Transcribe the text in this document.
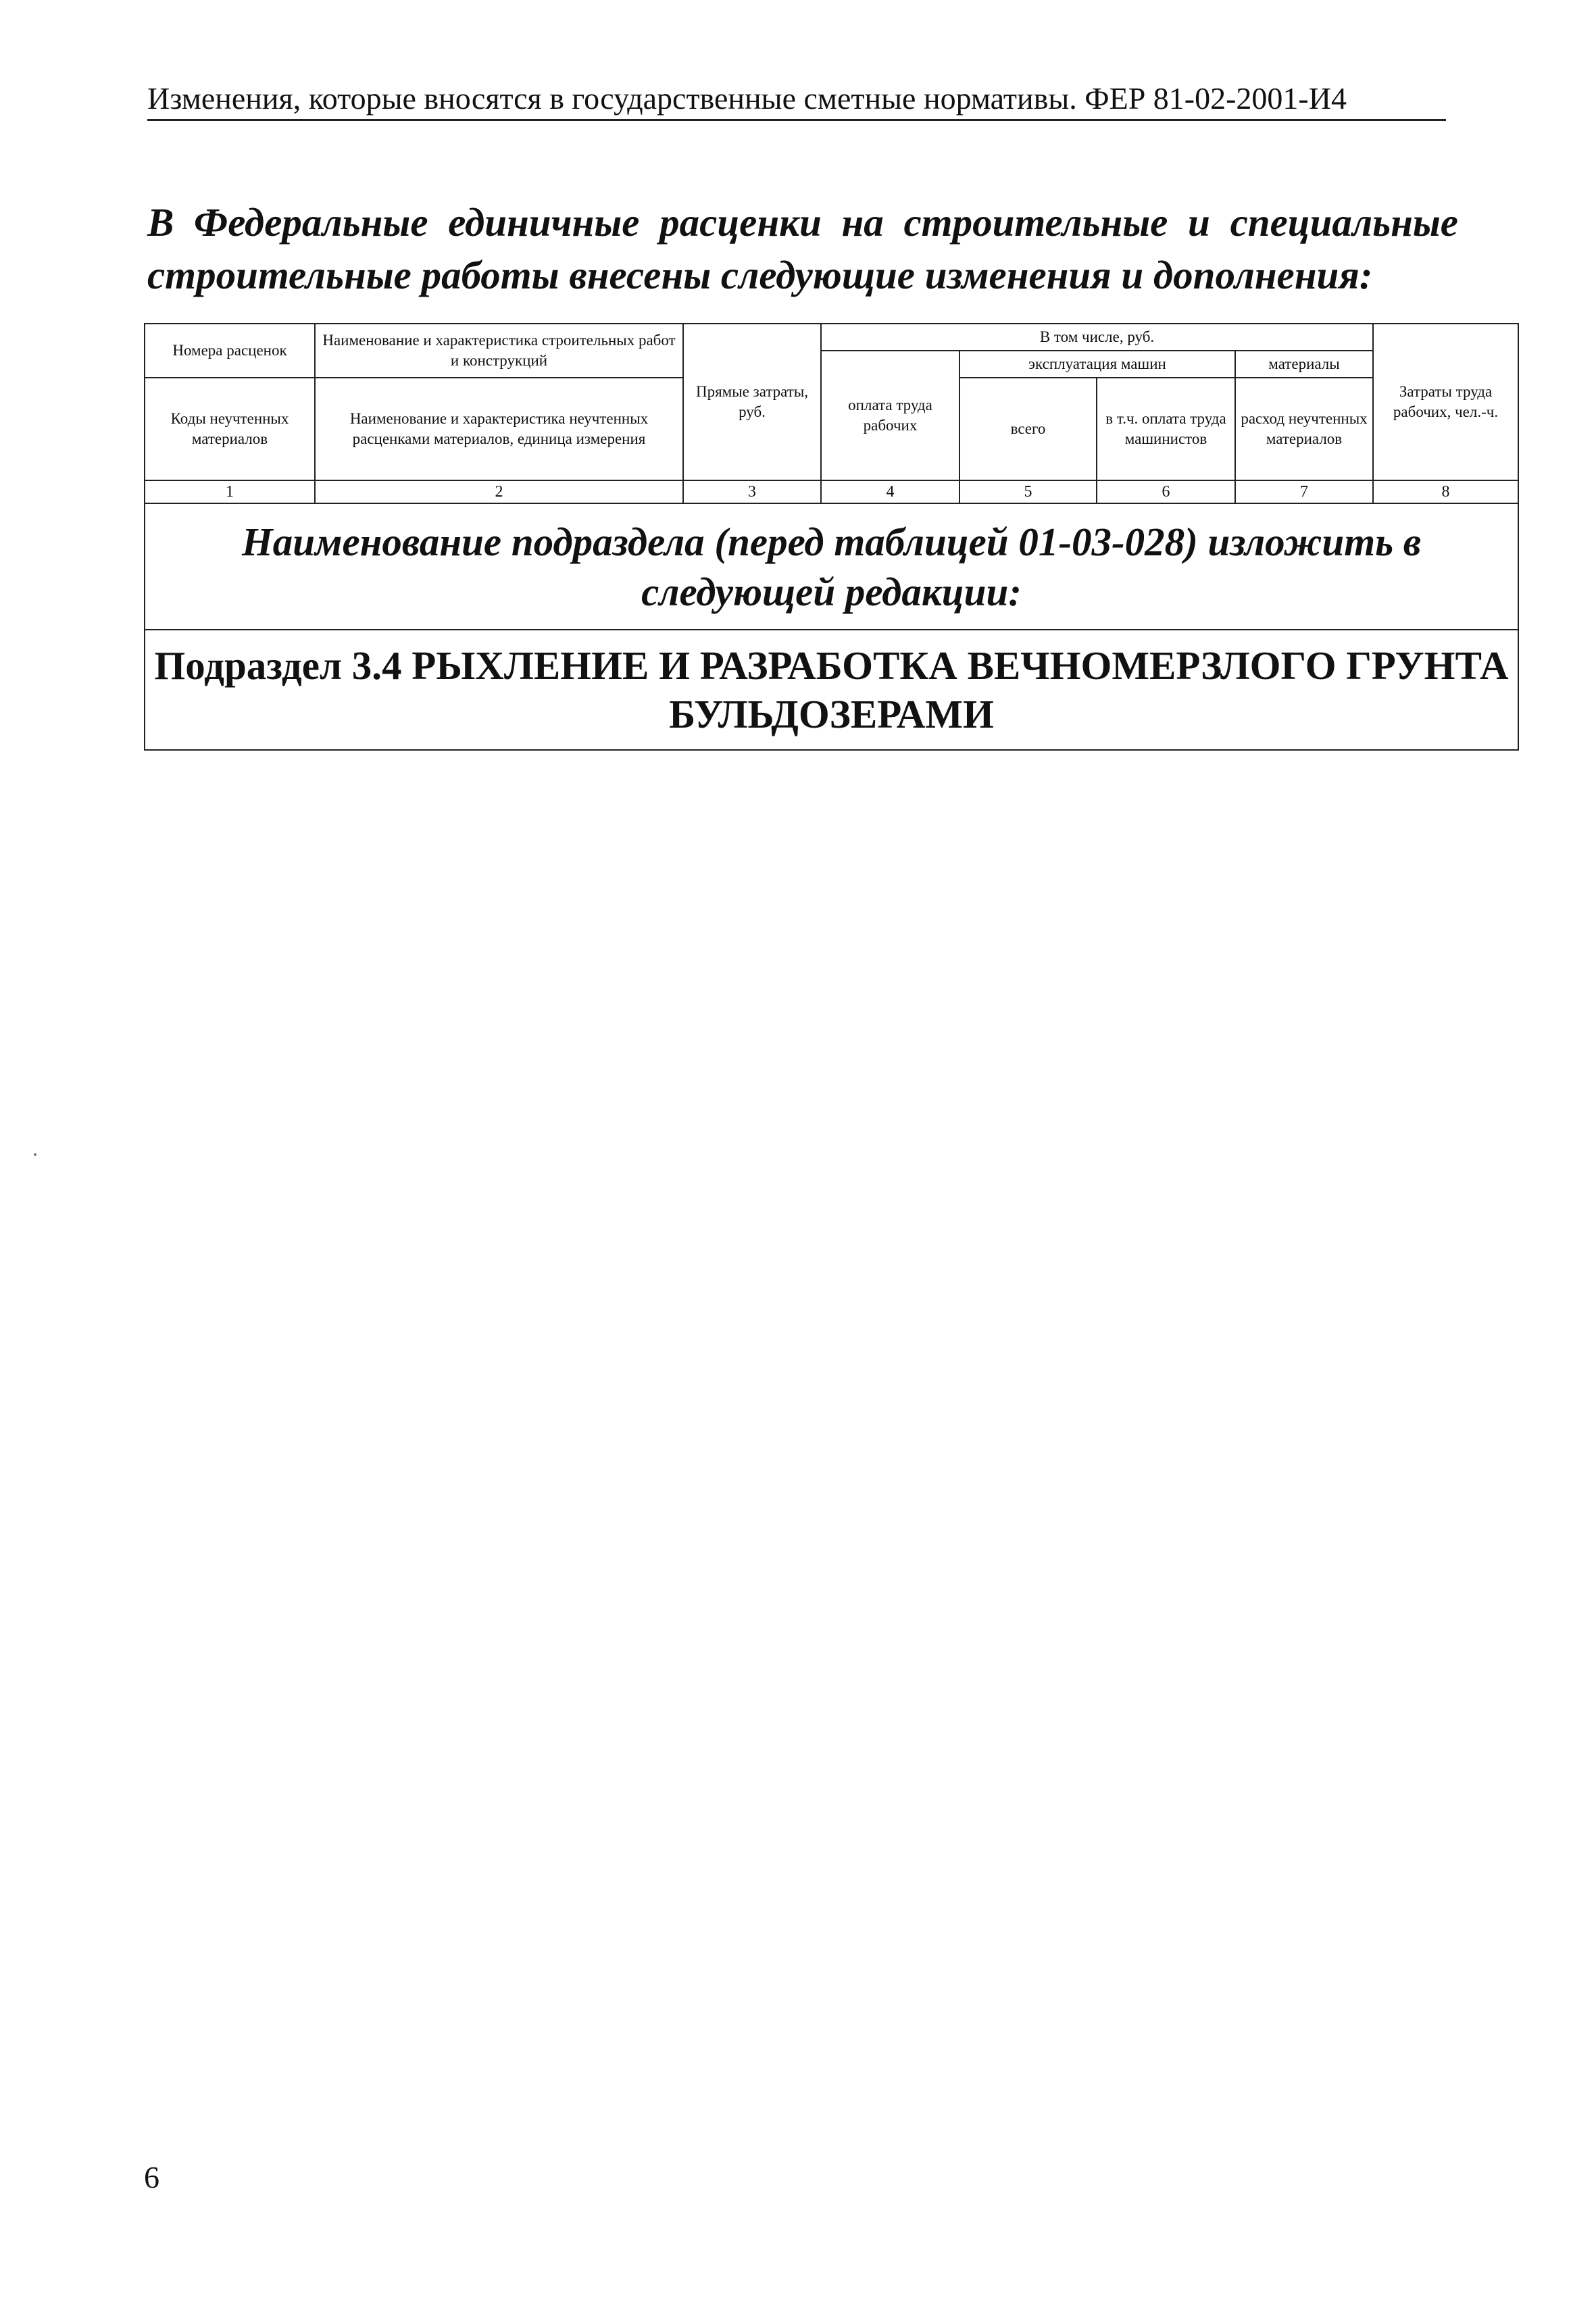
Изменения, которые вносятся в государственные сметные нормативы. ФЕР 81-02-2001-И4
В Федеральные единичные расценки на строительные и специальные строительные работы внесены следующие изменения и дополнения:
Номера расценок	Наименование и характеристика строительных работ и конструкций	Прямые затраты, руб.	В том числе, руб.				Затраты труда рабочих, чел.-ч.
			оплата труда рабочих	эксплуатация машин		материалы	
Коды неучтенных материалов	Наименование и характеристика неучтенных расценками материалов, единица измерения			всего	в т.ч. оплата труда машинистов	расход неучтенных материалов	
1	2	3	4	5	6	7	8
Наименование подраздела (перед таблицей 01-03-028) изложить в следующей редакции:							
Подраздел 3.4 РЫХЛЕНИЕ И РАЗРАБОТКА ВЕЧНОМЕРЗЛОГО ГРУНТА БУЛЬДОЗЕРАМИ							
6
